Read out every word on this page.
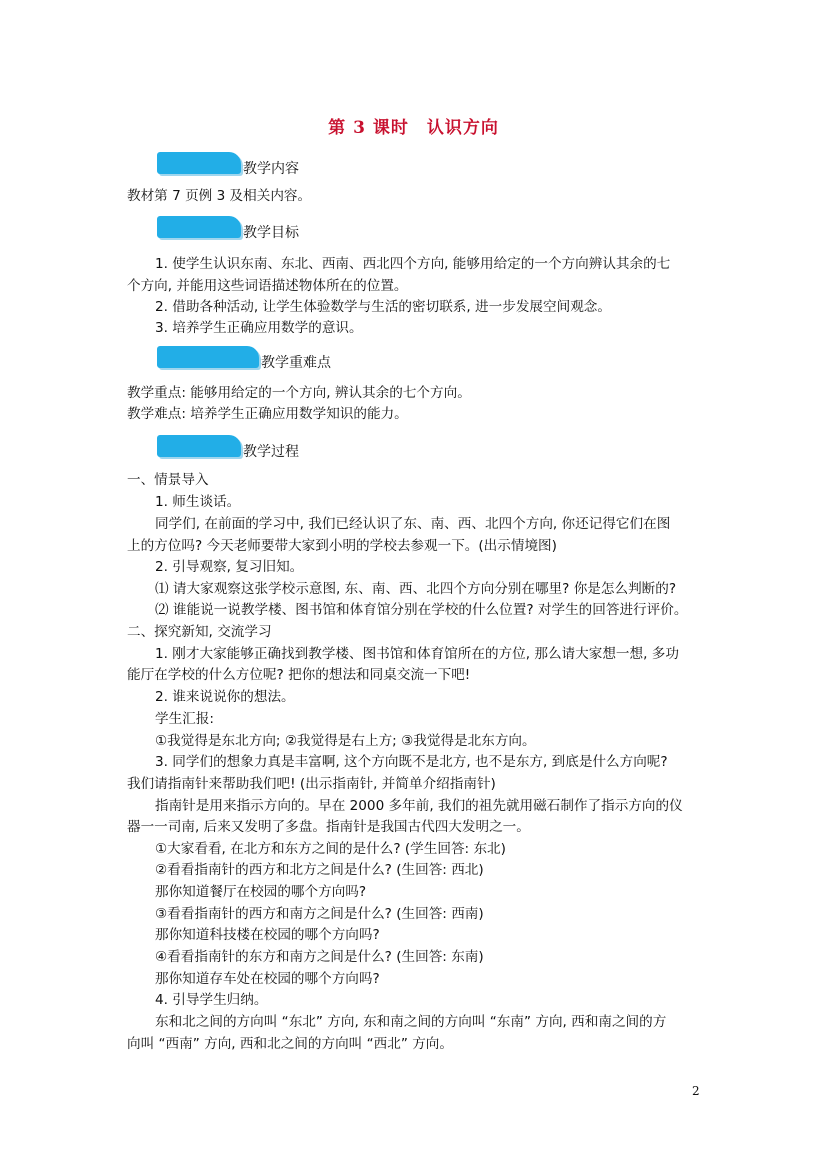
第 3 课时　认识方向
教学内容
教材第 7 页例 3 及相关内容。
教学目标
1. 使学生认识东南、东北、西南、西北四个方向, 能够用给定的一个方向辨认其余的七
个方向, 并能用这些词语描述物体所在的位置。
2. 借助各种活动, 让学生体验数学与生活的密切联系, 进一步发展空间观念。
3. 培养学生正确应用数学的意识。
教学重难点
教学重点: 能够用给定的一个方向, 辨认其余的七个方向。
教学难点: 培养学生正确应用数学知识的能力。
教学过程
一、情景导入
1. 师生谈话。
同学们, 在前面的学习中, 我们已经认识了东、南、西、北四个方向, 你还记得它们在图
上的方位吗? 今天老师要带大家到小明的学校去参观一下。(出示情境图)
2. 引导观察, 复习旧知。
⑴ 请大家观察这张学校示意图, 东、南、西、北四个方向分别在哪里? 你是怎么判断的?
⑵ 谁能说一说教学楼、图书馆和体育馆分别在学校的什么位置? 对学生的回答进行评价。
二、探究新知, 交流学习
1. 刚才大家能够正确找到教学楼、图书馆和体育馆所在的方位, 那么请大家想一想, 多功
能厅在学校的什么方位呢? 把你的想法和同桌交流一下吧!
2. 谁来说说你的想法。
学生汇报:
①我觉得是东北方向; ②我觉得是右上方; ③我觉得是北东方向。
3. 同学们的想象力真是丰富啊, 这个方向既不是北方, 也不是东方, 到底是什么方向呢?
我们请指南针来帮助我们吧! (出示指南针, 并简单介绍指南针)
指南针是用来指示方向的。早在 2000 多年前, 我们的祖先就用磁石制作了指示方向的仪
器一一司南, 后来又发明了多盘。指南针是我国古代四大发明之一。
①大家看看, 在北方和东方之间的是什么? (学生回答: 东北)
②看看指南针的西方和北方之间是什么? (生回答: 西北)
那你知道餐厅在校园的哪个方向吗?
③看看指南针的西方和南方之间是什么? (生回答: 西南)
那你知道科技楼在校园的哪个方向吗?
④看看指南针的东方和南方之间是什么? (生回答: 东南)
那你知道存车处在校园的哪个方向吗?
4. 引导学生归纳。
东和北之间的方向叫 “东北” 方向, 东和南之间的方向叫 “东南” 方向, 西和南之间的方
向叫 “西南” 方向, 西和北之间的方向叫 “西北” 方向。
2
